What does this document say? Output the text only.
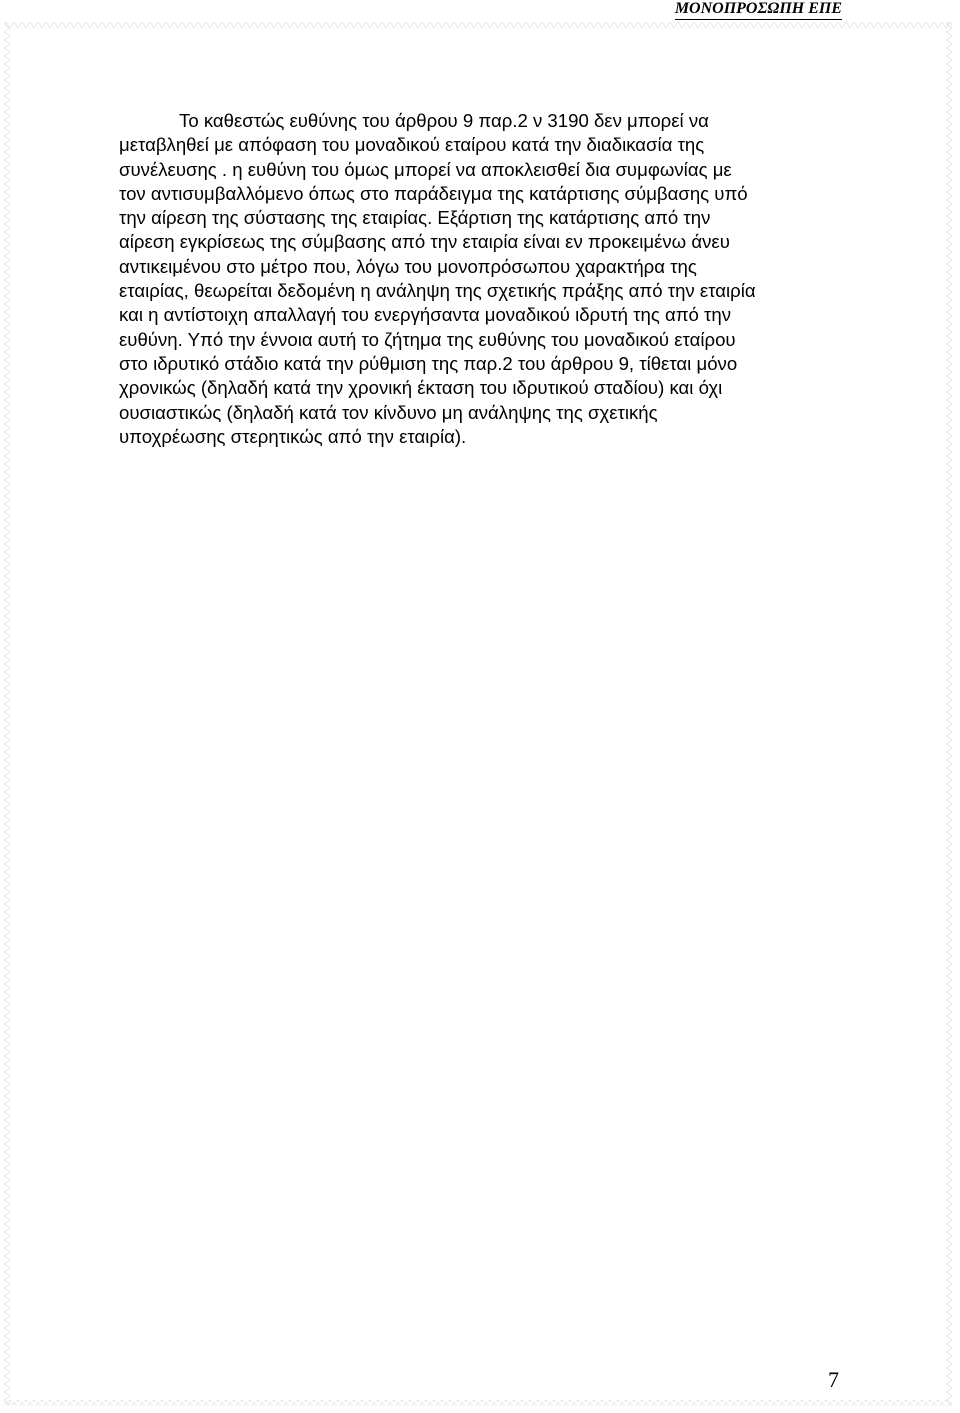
ΜΟΝΟΠΡΟΣΩΠΗ ΕΠΕ
Το καθεστώς ευθύνης του άρθρου 9 παρ.2 ν 3190 δεν μπορεί να
μεταβληθεί με απόφαση του μοναδικού εταίρου κατά την διαδικασία της
συνέλευσης . η ευθύνη του όμως μπορεί να αποκλεισθεί δια συμφωνίας με
τον αντισυμβαλλόμενο όπως στο παράδειγμα της κατάρτισης σύμβασης υπό
την αίρεση της σύστασης της εταιρίας. Εξάρτιση της κατάρτισης από την
αίρεση εγκρίσεως της σύμβασης από την εταιρία είναι εν προκειμένω άνευ
αντικειμένου στο μέτρο που, λόγω του μονοπρόσωπου χαρακτήρα της
εταιρίας, θεωρείται δεδομένη η ανάληψη της σχετικής πράξης από την εταιρία
και η αντίστοιχη απαλλαγή του ενεργήσαντα μοναδικού ιδρυτή της από την
ευθύνη. Υπό την έννοια αυτή το ζήτημα της ευθύνης του μοναδικού εταίρου
στο ιδρυτικό στάδιο κατά την ρύθμιση της παρ.2 του άρθρου 9, τίθεται μόνο
χρονικώς (δηλαδή κατά την χρονική έκταση του ιδρυτικού σταδίου) και όχι
ουσιαστικώς (δηλαδή κατά τον κίνδυνο μη ανάληψης της σχετικής
υποχρέωσης στερητικώς από την εταιρία).
7
